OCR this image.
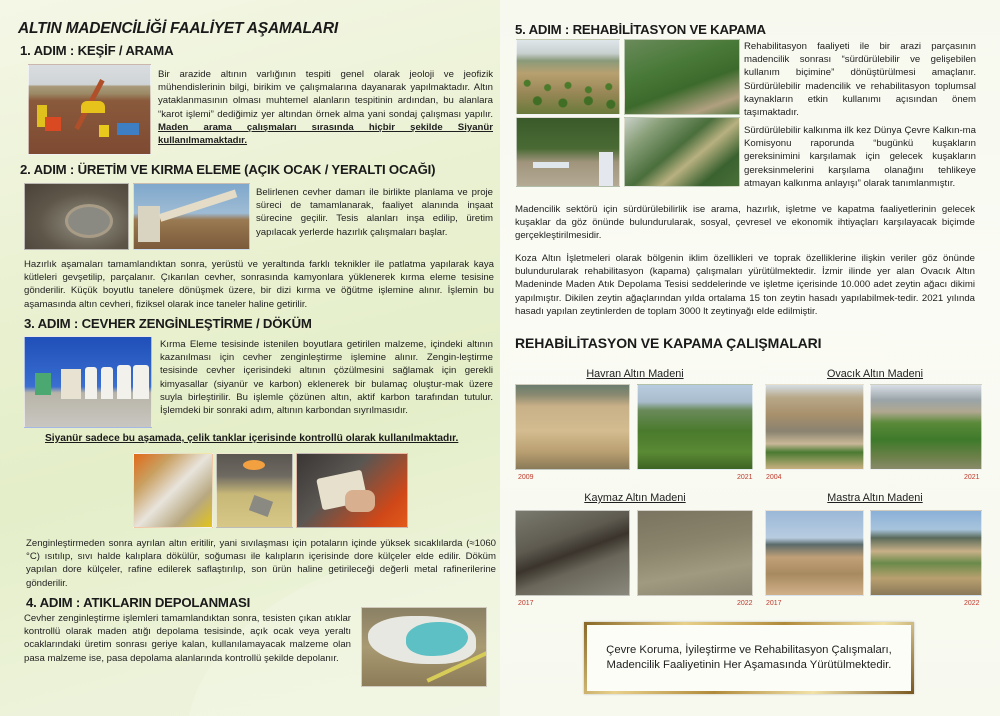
ALTIN MADENCİLİĞİ FAALİYET AŞAMALARI
1. ADIM : KEŞİF / ARAMA
Bir arazide altının varlığının tespiti genel olarak jeoloji ve jeofizik mühendislerinin bilgi, birikim ve çalışmalarına dayanarak yapılmaktadır. Altın yataklanmasının olması muhtemel alanların tespitinin ardından, bu alanlara “karot işlemi” dediğimiz yer altından örnek alma yani sondaj çalışması yapılır. Maden arama çalışmaları sırasında hiçbir şekilde Siyanür kullanılmamaktadır.
2. ADIM : ÜRETİM VE KIRMA ELEME (AÇIK OCAK / YERALTI OCAĞI)
Belirlenen cevher damarı ile birlikte planlama ve proje süreci de tamamlanarak, faaliyet alanında inşaat sürecine geçilir. Tesis alanları inşa edilip, üretim yapılacak yerlerde hazırlık çalışmaları başlar.
Hazırlık aşamaları tamamlandıktan sonra, yerüstü ve yeraltında farklı teknikler ile patlatma yapılarak kaya kütleleri gevşetilip, parçalanır. Çıkarılan cevher, sonrasında kamyonlara yüklenerek kırma eleme tesisine gönderilir. Küçük boyutlu tanelere dönüşmek üzere, bir dizi kırma ve öğütme işlemine alınır. İşlemin bu aşamasında altın cevheri, fiziksel olarak ince taneler haline getirilir.
3. ADIM : CEVHER ZENGİNLEŞTİRME / DÖKÜM
Kırma Eleme tesisinde istenilen boyutlara getirilen malzeme, içindeki altının kazanılması için cevher zenginleştirme işlemine alınır. Zengin-leştirme tesisinde cevher içerisindeki altının çözülmesini sağlamak için gerekli kimyasallar (siyanür ve karbon) eklenerek bir bulamaç oluştur-mak üzere suyla birleştirilir. Bu işlemle çözünen altın, aktif karbon tarafından tutulur. İşlemdeki bir sonraki adım, altının karbondan sıyrılmasıdır.
Siyanür sadece bu aşamada, çelik tanklar içerisinde kontrollü olarak kullanılmaktadır.
Zenginleştirmeden sonra ayrılan altın eritilir, yani sıvılaşması için potaların içinde yüksek sıcaklılarda (≈1060 °C) ısıtılıp, sıvı halde kalıplara dökülür, soğuması ile kalıpların içerisinde dore külçeler elde edilir. Döküm yapılan dore külçeler, rafine edilerek saflaştırılıp, son ürün haline getirileceği değerli metal rafinerilerine gönderilir.
4. ADIM : ATIKLARIN DEPOLANMASI
Cevher zenginleştirme işlemleri tamamlandıktan sonra, tesisten çıkan atıklar kontrollü olarak maden atığı depolama tesisinde, açık ocak veya yeraltı ocaklarındaki üretim sonrası geriye kalan, kullanılamayacak malzeme olan pasa malzeme ise, pasa depolama alanlarında kontrollü şekilde depolanır.
5. ADIM : REHABİLİTASYON VE KAPAMA
Rehabilitasyon faaliyeti ile bir arazi parçasının madencilik sonrası “sürdürülebilir ve gelişebilen kullanım biçimine” dönüştürülmesi amaçlanır. Sürdürülebilir madencilik ve rehabilitasyon toplumsal kaynakların etkin kullanımı açısından önem taşımaktadır.
Sürdürülebilir kalkınma ilk kez Dünya Çevre Kalkın-ma Komisyonu raporunda “bugünkü kuşakların gereksinimini karşılamak için gelecek kuşakların gereksinmelerini karşılama olanağını tehlikeye atmayan kalkınma anlayışı” olarak tanımlanmıştır.
Madencilik sektörü için sürdürülebilirlik ise arama, hazırlık, işletme ve kapatma faaliyetlerinin gelecek kuşaklar da göz önünde bulundurularak, sosyal, çevresel ve ekonomik ihtiyaçları karşılayacak biçimde gerçekleştirilmesidir.
Koza Altın İşletmeleri olarak bölgenin iklim özellikleri ve toprak özelliklerine ilişkin veriler göz önünde bulundurularak rehabilitasyon (kapama) çalışmaları yürütülmektedir. İzmir ilinde yer alan Ovacık Altın Madeninde Maden Atık Depolama Tesisi seddelerinde ve işletme içerisinde 10.000 adet zeytin ağacı dikimi yapılmıştır. Dikilen zeytin ağaçlarından yılda ortalama 15 ton zeytin hasadı yapılabilmek-tedir. 2021 yılında hasadı yapılan zeytinlerden de toplam 3000 lt zeytinyağı elde edilmiştir.
REHABİLİTASYON VE KAPAMA ÇALIŞMALARI
Havran Altın Madeni
2009	2021
Ovacık Altın Madeni
2004	2021
Kaymaz Altın Madeni
2017	2022
Mastra Altın Madeni
2017	2022
Çevre Koruma, İyileştirme ve Rehabilitasyon Çalışmaları,
Madencilik Faaliyetinin Her Aşamasında Yürütülmektedir.
